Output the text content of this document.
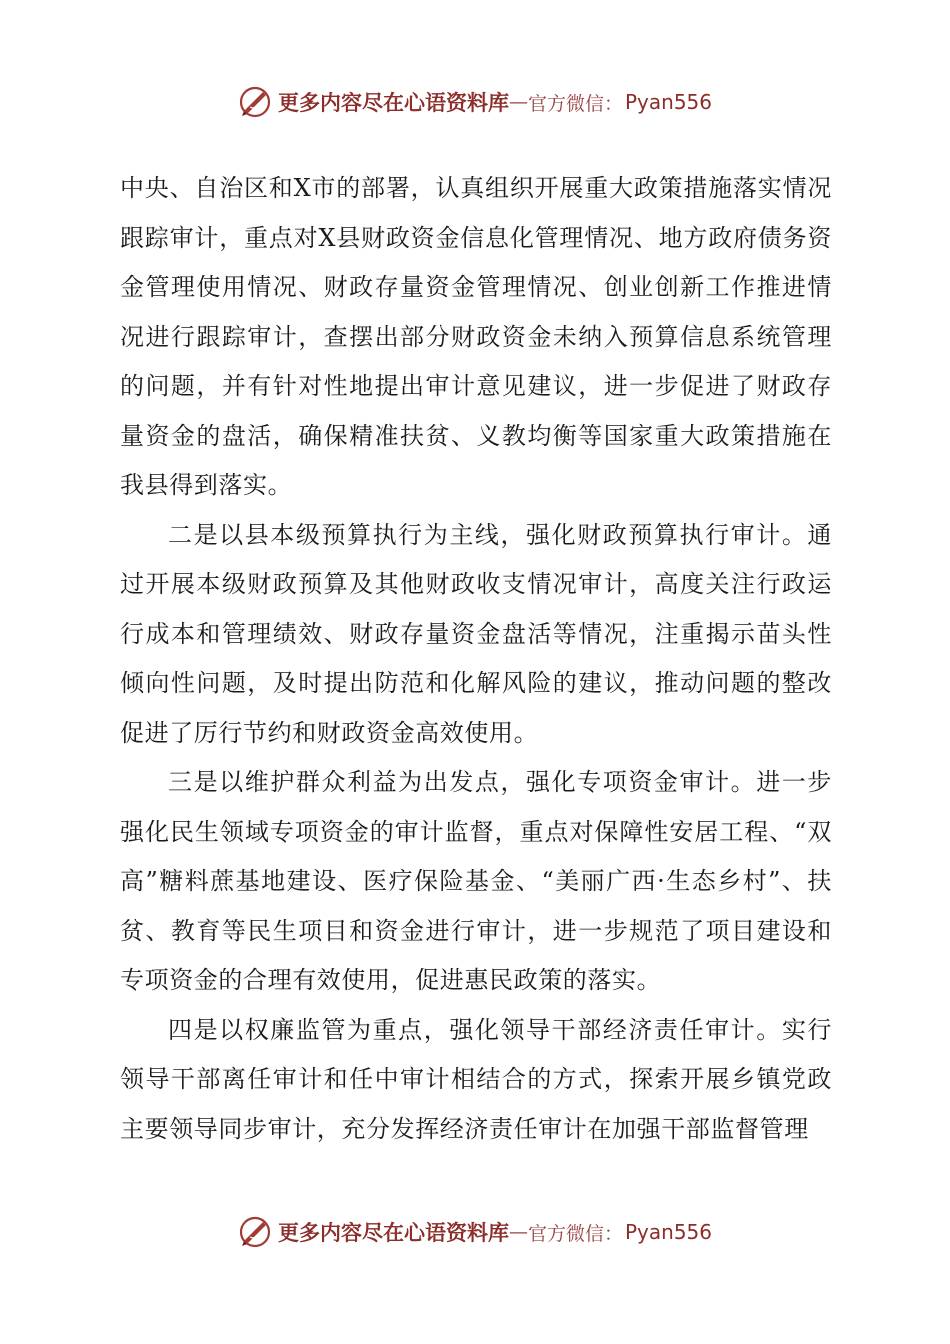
更多内容尽在心语资料库 — 官方微信： Pyan556

中央、自治区和X市的部署，认真组织开展重大政策措施落实情况跟踪审计，重点对X县财政资金信息化管理情况、地方政府债务资金管理使用情况、财政存量资金管理情况、创业创新工作推进情况进行跟踪审计，查摆出部分财政资金未纳入预算信息系统管理的问题，并有针对性地提出审计意见建议，进一步促进了财政存量资金的盘活，确保精准扶贫、义教均衡等国家重大政策措施在我县得到落实。

二是以县本级预算执行为主线，强化财政预算执行审计。通过开展本级财政预算及其他财政收支情况审计，高度关注行政运行成本和管理绩效、财政存量资金盘活等情况，注重揭示苗头性倾向性问题，及时提出防范和化解风险的建议，推动问题的整改促进了厉行节约和财政资金高效使用。

三是以维护群众利益为出发点，强化专项资金审计。进一步强化民生领域专项资金的审计监督，重点对保障性安居工程、“双高”糖料蔗基地建设、医疗保险基金、“美丽广西·生态乡村”、扶贫、教育等民生项目和资金进行审计，进一步规范了项目建设和专项资金的合理有效使用，促进惠民政策的落实。

四是以权廉监管为重点，强化领导干部经济责任审计。实行领导干部离任审计和任中审计相结合的方式，探索开展乡镇党政主要领导同步审计，充分发挥经济责任审计在加强干部监督管理

更多内容尽在心语资料库 — 官方微信： Pyan556
